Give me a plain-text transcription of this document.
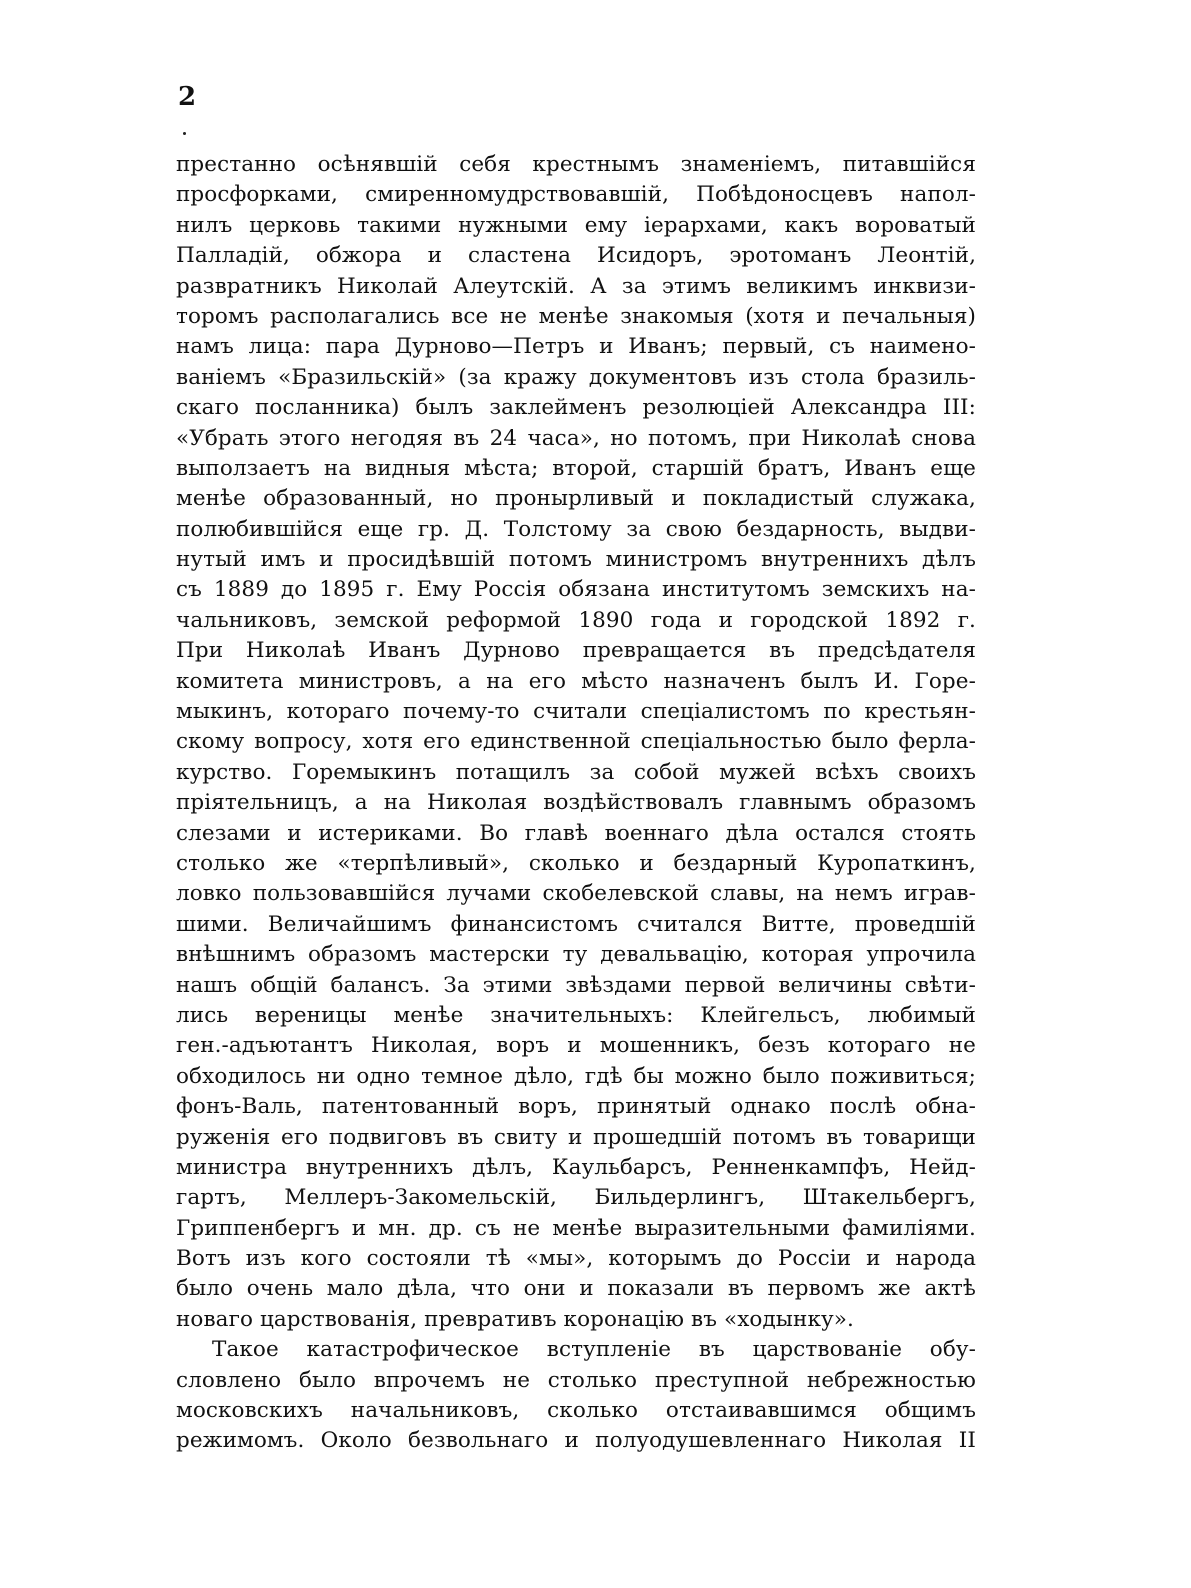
2
престанно осѣнявшій себя крестнымъ знаменіемъ, питавшійся
просфорками, смиренномудрствовавшій, Побѣдоносцевъ напол-
нилъ церковь такими нужными ему іерархами, какъ вороватый
Палладій, обжора и сластена Исидоръ, эротоманъ Леонтій,
развратникъ Николай Алеутскій. А за этимъ великимъ инквизи-
торомъ располагались все не менѣе знакомыя (хотя и печальныя)
намъ лица: пара Дурново—Петръ и Иванъ; первый, съ наимено-
ваніемъ «Бразильскій» (за кражу документовъ изъ стола бразиль-
скаго посланника) былъ заклейменъ резолюціей Александра III:
«Убрать этого негодяя въ 24 часа», но потомъ, при Николаѣ снова
выползаетъ на видныя мѣста; второй, старшій братъ, Иванъ еще
менѣе образованный, но пронырливый и покладистый служака,
полюбившійся еще гр. Д. Толстому за свою бездарность, выдви-
нутый имъ и просидѣвшій потомъ министромъ внутреннихъ дѣлъ
съ 1889 до 1895 г. Ему Россія обязана институтомъ земскихъ на-
чальниковъ, земской реформой 1890 года и городской 1892 г.
При Николаѣ Иванъ Дурново превращается въ предсѣдателя
комитета министровъ, а на его мѣсто назначенъ былъ И. Горе-
мыкинъ, котораго почему-то считали спеціалистомъ по крестьян-
скому вопросу, хотя его единственной спеціальностью было ферла-
курство. Горемыкинъ потащилъ за собой мужей всѣхъ своихъ
пріятельницъ, а на Николая воздѣйствовалъ главнымъ образомъ
слезами и истериками. Во главѣ военнаго дѣла остался стоять
столько же «терпѣливый», сколько и бездарный Куропаткинъ,
ловко пользовавшійся лучами скобелевской славы, на немъ играв-
шими. Величайшимъ финансистомъ считался Витте, проведшій
внѣшнимъ образомъ мастерски ту девальвацію, которая упрочила
нашъ общій балансъ. За этими звѣздами первой величины свѣти-
лись вереницы менѣе значительныхъ: Клейгельсъ, любимый
ген.-адъютантъ Николая, воръ и мошенникъ, безъ котораго не
обходилось ни одно темное дѣло, гдѣ бы можно было поживиться;
фонъ-Валь, патентованный воръ, принятый однако послѣ обна-
руженія его подвиговъ въ свиту и прошедшій потомъ въ товарищи
министра внутреннихъ дѣлъ, Каульбарсъ, Ренненкампфъ, Нейд-
гартъ, Меллеръ-Закомельскій, Бильдерлингъ, Штакельбергъ,
Гриппенбергъ и мн. др. съ не менѣе выразительными фамиліями.
Вотъ изъ кого состояли тѣ «мы», которымъ до Россіи и народа
было очень мало дѣла, что они и показали въ первомъ же актѣ
новаго царствованія, превративъ коронацію въ «ходынку».
Такое катастрофическое вступленіе въ царствованіе обу-
словлено было впрочемъ не столько преступной небрежностью
московскихъ начальниковъ, сколько отстаивавшимся общимъ
режимомъ. Около безвольнаго и полуодушевленнаго Николая II
